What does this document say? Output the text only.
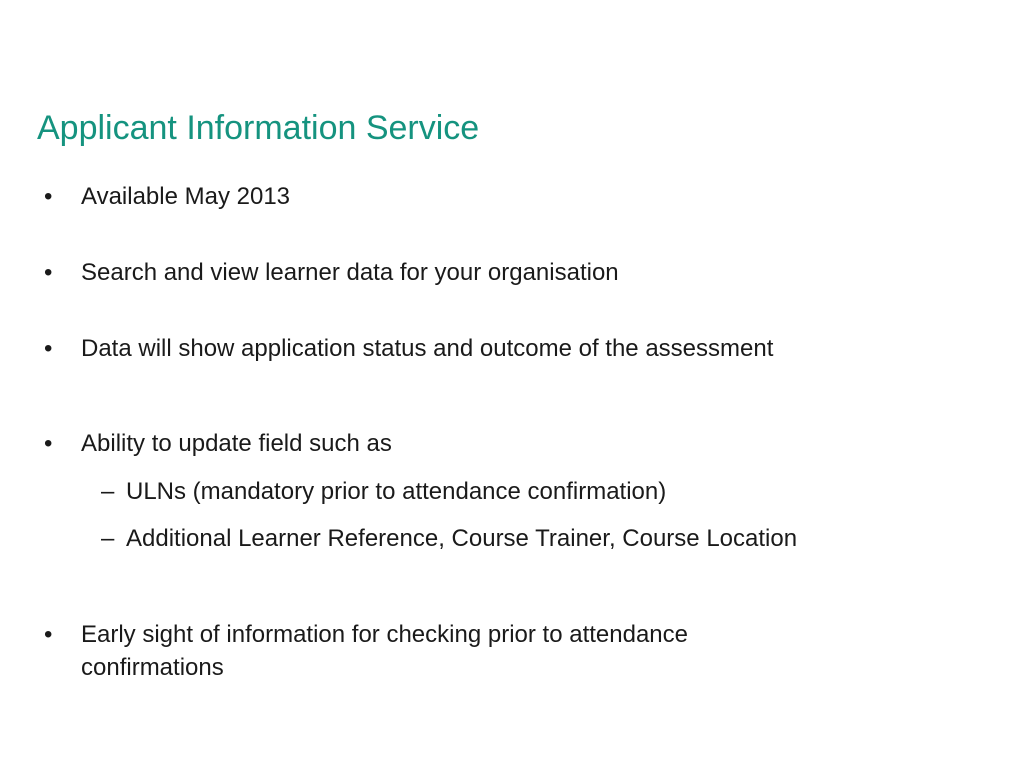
Applicant Information Service
• Available May 2013

• Search and view learner data for your organisation

• Data will show application status and outcome of the assessment

• Ability to update field such as

– ULNs (mandatory prior to attendance confirmation)

– Additional Learner Reference, Course Trainer, Course Location

• Early sight of information for checking prior to attendance

confirmations
